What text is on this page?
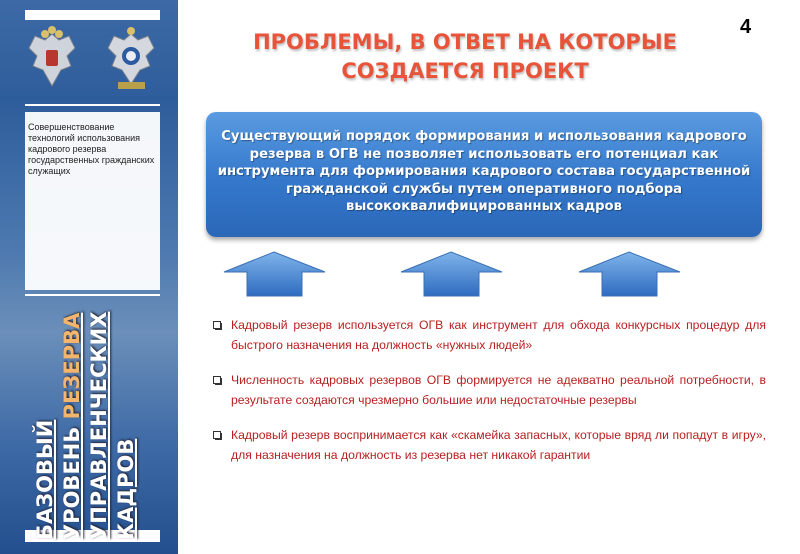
Совершенствование технологий использования кадрового резерва государственных гражданских служащих
БАЗОВЫЙ УРОВЕНЬ РЕЗЕРВА УПРАВЛЕНЧЕСКИХ КАДРОВ
4
ПРОБЛЕМЫ, В ОТВЕТ НА КОТОРЫЕ
СОЗДАЕТСЯ ПРОЕКТ
Существующий порядок формирования и использования кадрового резерва в ОГВ не позволяет использовать его потенциал как инструмента для формирования кадрового состава государственной гражданской службы путем оперативного подбора высококвалифицированных кадров
Кадровый резерв используется ОГВ как инструмент для обхода конкурсных процедур для быстрого назначения на должность «нужных людей»
Численность кадровых резервов ОГВ формируется не адекватно реальной потребности, в результате создаются чрезмерно большие или недостаточные резервы
Кадровый резерв воспринимается как «скамейка запасных, которые вряд ли попадут в игру», для назначения на должность из резерва нет никакой гарантии
